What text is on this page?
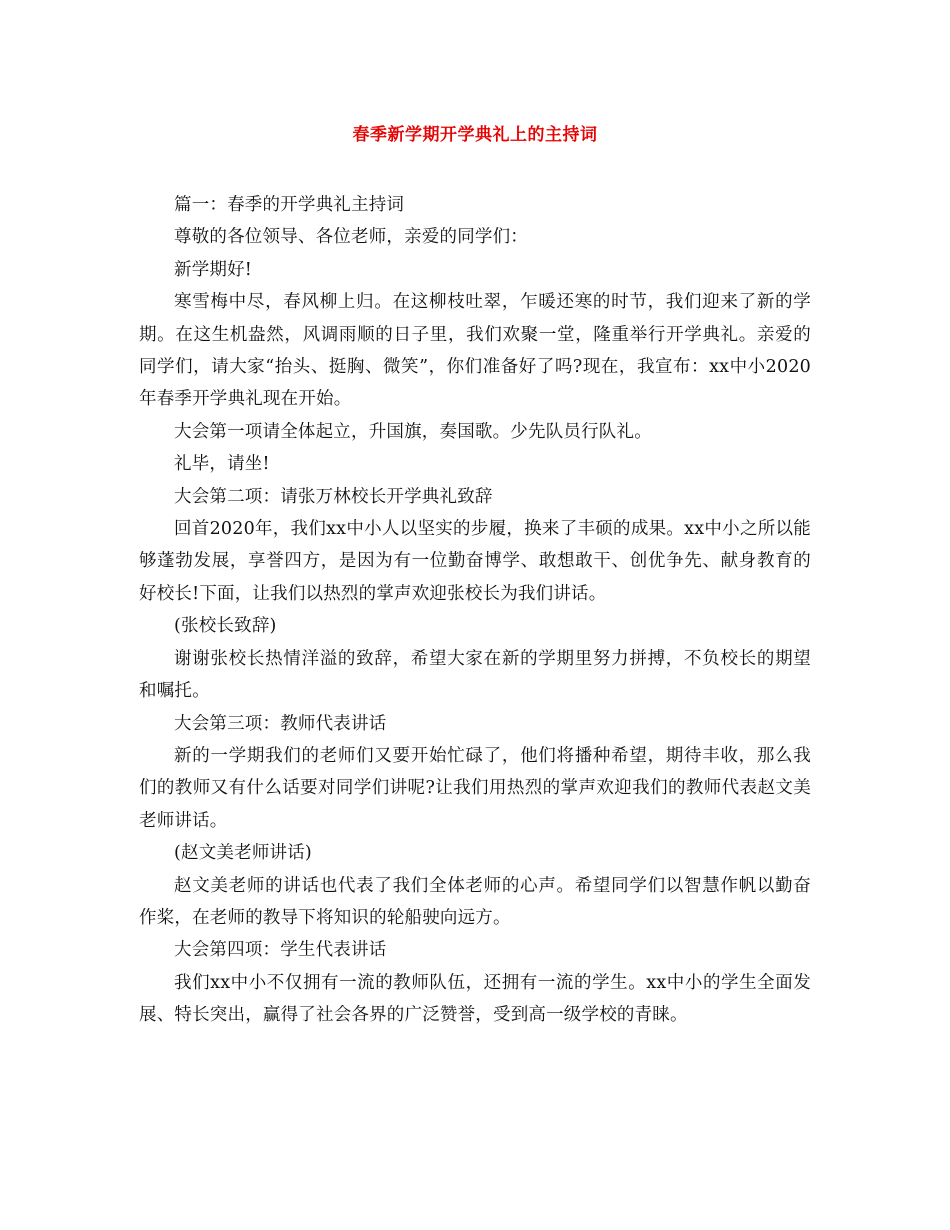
春季新学期开学典礼上的主持词

篇一：春季的开学典礼主持词

尊敬的各位领导、各位老师，亲爱的同学们：

新学期好!

寒雪梅中尽，春风柳上归。在这柳枝吐翠，乍暖还寒的时节，我们迎来了新的学期。在这生机盎然，风调雨顺的日子里，我们欢聚一堂，隆重举行开学典礼。亲爱的同学们，请大家“抬头、挺胸、微笑”，你们准备好了吗?现在，我宣布：xx中小2020年春季开学典礼现在开始。

大会第一项请全体起立，升国旗，奏国歌。少先队员行队礼。

礼毕，请坐!

大会第二项：请张万林校长开学典礼致辞

回首2020年，我们xx中小人以坚实的步履，换来了丰硕的成果。xx中小之所以能够蓬勃发展，享誉四方，是因为有一位勤奋博学、敢想敢干、创优争先、献身教育的好校长!下面，让我们以热烈的掌声欢迎张校长为我们讲话。

(张校长致辞)

谢谢张校长热情洋溢的致辞，希望大家在新的学期里努力拼搏，不负校长的期望和嘱托。

大会第三项：教师代表讲话

新的一学期我们的老师们又要开始忙碌了，他们将播种希望，期待丰收，那么我们的教师又有什么话要对同学们讲呢?让我们用热烈的掌声欢迎我们的教师代表赵文美老师讲话。

(赵文美老师讲话)

赵文美老师的讲话也代表了我们全体老师的心声。希望同学们以智慧作帆以勤奋作桨，在老师的教导下将知识的轮船驶向远方。

大会第四项：学生代表讲话

我们xx中小不仅拥有一流的教师队伍，还拥有一流的学生。xx中小的学生全面发展、特长突出，赢得了社会各界的广泛赞誉，受到高一级学校的青睐。
